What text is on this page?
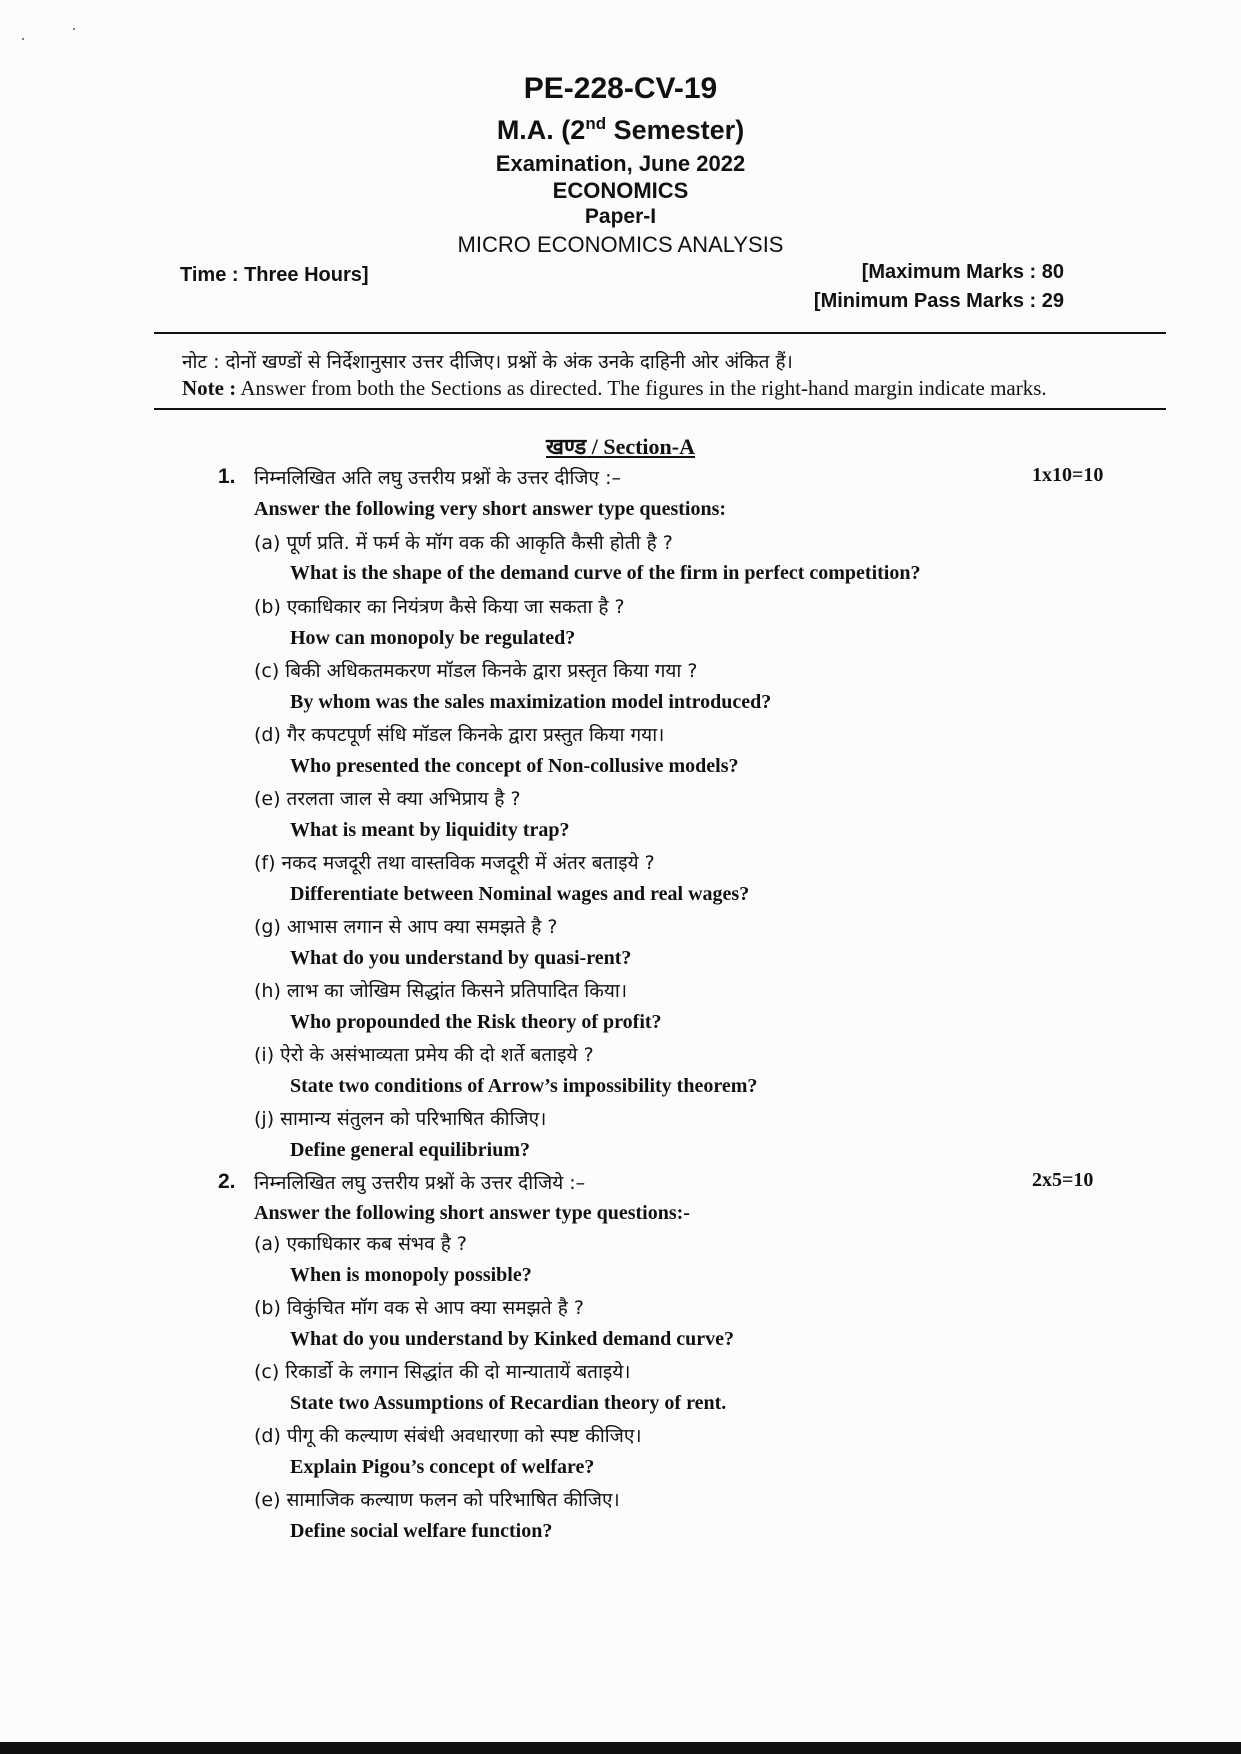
PE-228-CV-19
M.A. (2nd Semester)
Examination, June 2022
ECONOMICS
Paper-I
MICRO ECONOMICS ANALYSIS
Time : Three Hours]	[Maximum Marks : 80
[Minimum Pass Marks : 29
नोट : दोनों खण्डों से निर्देशानुसार उत्तर दीजिए। प्रश्नों के अंक उनके दाहिनी ओर अंकित हैं।
Note : Answer from both the Sections as directed. The figures in the right-hand margin indicate marks.
खण्ड / Section-A
1. निम्नलिखित अति लघु उत्तरीय प्रश्नों के उत्तर दीजिए :–	1x10=10
Answer the following very short answer type questions:
(a) पूर्ण प्रति. में फर्म के मॉग वक की आकृति कैसी होती है ?
What is the shape of the demand curve of the firm in perfect competition?
(b) एकाधिकार का नियंत्रण कैसे किया जा सकता है ?
How can monopoly be regulated?
(c) बिकी अधिकतमकरण मॉडल किनके द्वारा प्रस्तृत किया गया ?
By whom was the sales maximization model introduced?
(d) गैर कपटपूर्ण संधि मॉडल किनके द्वारा प्रस्तुत किया गया।
Who presented the concept of Non-collusive models?
(e) तरलता जाल से क्या अभिप्राय है ?
What is meant by liquidity trap?
(f) नकद मजदूरी तथा वास्तविक मजदूरी में अंतर बताइये ?
Differentiate between Nominal wages and real wages?
(g) आभास लगान से आप क्या समझते है ?
What do you understand by quasi-rent?
(h) लाभ का जोखिम सिद्धांत किसने प्रतिपादित किया।
Who propounded the Risk theory of profit?
(i) ऐरो के असंभाव्यता प्रमेय की दो शर्ते बताइये ?
State two conditions of Arrow’s impossibility theorem?
(j) सामान्य संतुलन को परिभाषित कीजिए।
Define general equilibrium?
2. निम्नलिखित लघु उत्तरीय प्रश्नों के उत्तर दीजिये :–	2x5=10
Answer the following short answer type questions:-
(a) एकाधिकार कब संभव है ?
When is monopoly possible?
(b) विकुंचित मॉग वक से आप क्या समझते है ?
What do you understand by Kinked demand curve?
(c) रिकार्डो के लगान सिद्धांत की दो मान्यातायें बताइये।
State two Assumptions of Recardian theory of rent.
(d) पीगू की कल्याण संबंधी अवधारणा को स्पष्ट कीजिए।
Explain Pigou’s concept of welfare?
(e) सामाजिक कल्याण फलन को परिभाषित कीजिए।
Define social welfare function?
